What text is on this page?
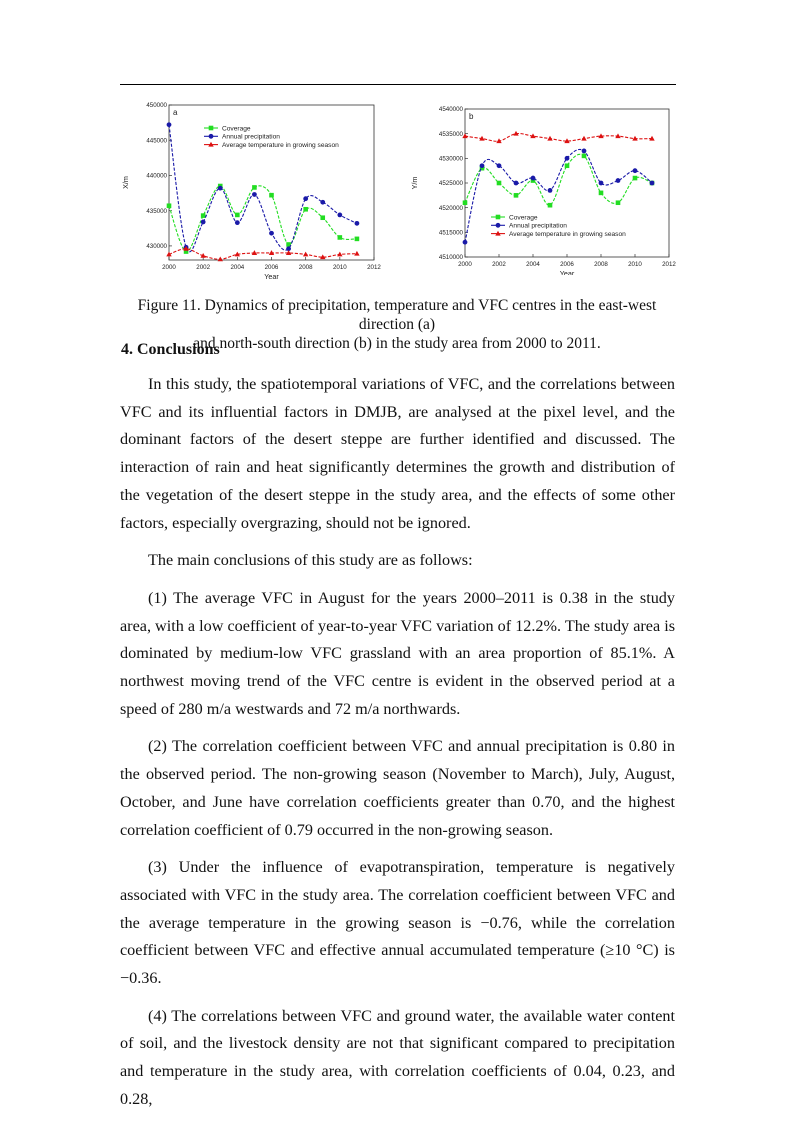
2000	2002	2004	2006	2008	2010	2012
430000
435000
440000
445000
450000
Year
X/m
a
Coverage
Annual precipitation
Average temperature in growing season
2000	2002	2004	2006	2008	2010	2012
4510000
4515000
4520000
4525000
4530000
4535000
4540000
Year
Y/m
b
Coverage
Annual precipitation
Average temperature in growing season
Figure 11. Dynamics of precipitation, temperature and VFC centres in the east-west direction (a)
and north-south direction (b) in the study area from 2000 to 2011.
4. Conclusions

In this study, the spatiotemporal variations of VFC, and the correlations between VFC and its influential factors in DMJB, are analysed at the pixel level, and the dominant factors of the desert steppe are further identified and discussed. The interaction of rain and heat significantly determines the growth and distribution of the vegetation of the desert steppe in the study area, and the effects of some other factors, especially overgrazing, should not be ignored.

The main conclusions of this study are as follows:

(1) The average VFC in August for the years 2000–2011 is 0.38 in the study area, with a low coefficient of year-to-year VFC variation of 12.2%. The study area is dominated by medium-low VFC grassland with an area proportion of 85.1%. A northwest moving trend of the VFC centre is evident in the observed period at a speed of 280 m/a westwards and 72 m/a northwards.

(2) The correlation coefficient between VFC and annual precipitation is 0.80 in the observed period. The non-growing season (November to March), July, August, October, and June have correlation coefficients greater than 0.70, and the highest correlation coefficient of 0.79 occurred in the non-growing season.

(3) Under the influence of evapotranspiration, temperature is negatively associated with VFC in the study area. The correlation coefficient between VFC and the average temperature in the growing season is −0.76, while the correlation coefficient between VFC and effective annual accumulated temperature (≥10 °C) is −0.36.

(4) The correlations between VFC and ground water, the available water content of soil, and the livestock density are not that significant compared to precipitation and temperature in the study area, with correlation coefficients of 0.04, 0.23, and 0.28,
